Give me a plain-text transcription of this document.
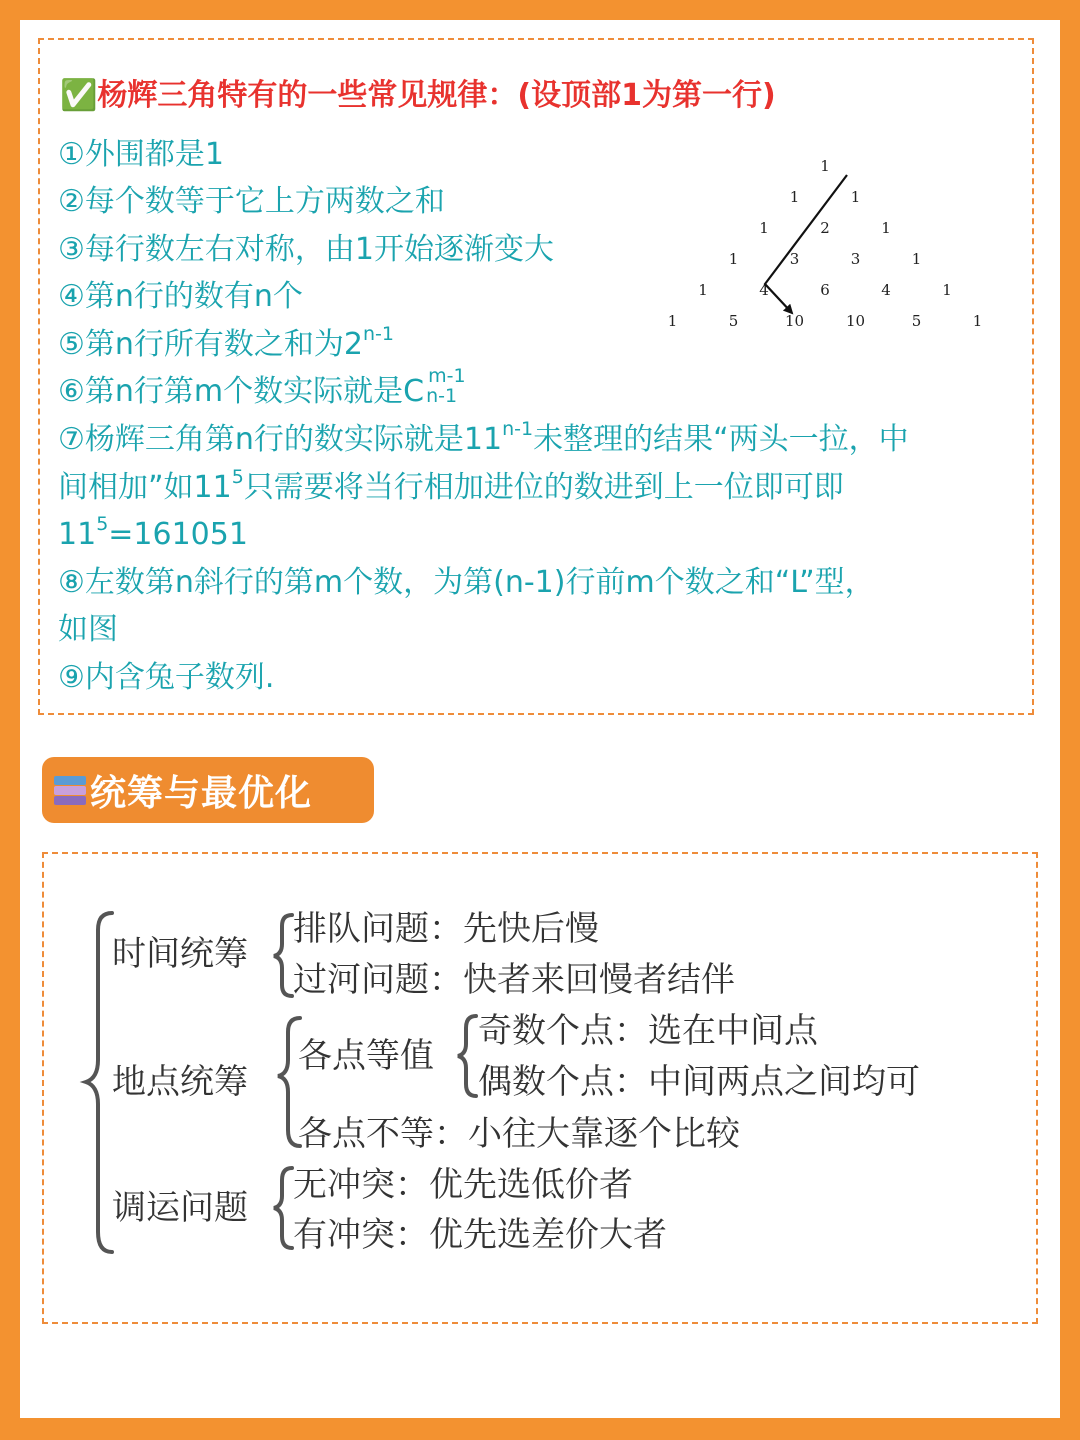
✅杨辉三角特有的一些常见规律：(设顶部1为第一行)
①外围都是1
②每个数等于它上方两数之和
③每行数左右对称，由1开始逐渐变大
④第n行的数有n个
⑤第n行所有数之和为2$^{n-1}$
⑥第n行第m个数实际就是C m-1
n-1
⑦杨辉三角第n行的数实际就是11$^{n-1}$未整理的结果“两头一拉，中
间相加”如$11^5$只需要将当行相加进位的数进到上一位即可即
$11^5=161051$
⑧左数第n斜行的第m个数，为第(n-1)行前m个数之和“L”型，
如图
⑨内含兔子数列.
1
1	1
1	2	1
1	3	3	1
1	4	6	4	1
1	5	10	10	5	1
统筹与最优化
时间统筹
排队问题：先快后慢
过河问题：快者来回慢者结伴
地点统筹
各点等值
奇数个点：选在中间点
偶数个点：中间两点之间均可
各点不等：小往大靠逐个比较
调运问题
无冲突：优先选低价者
有冲突：优先选差价大者
